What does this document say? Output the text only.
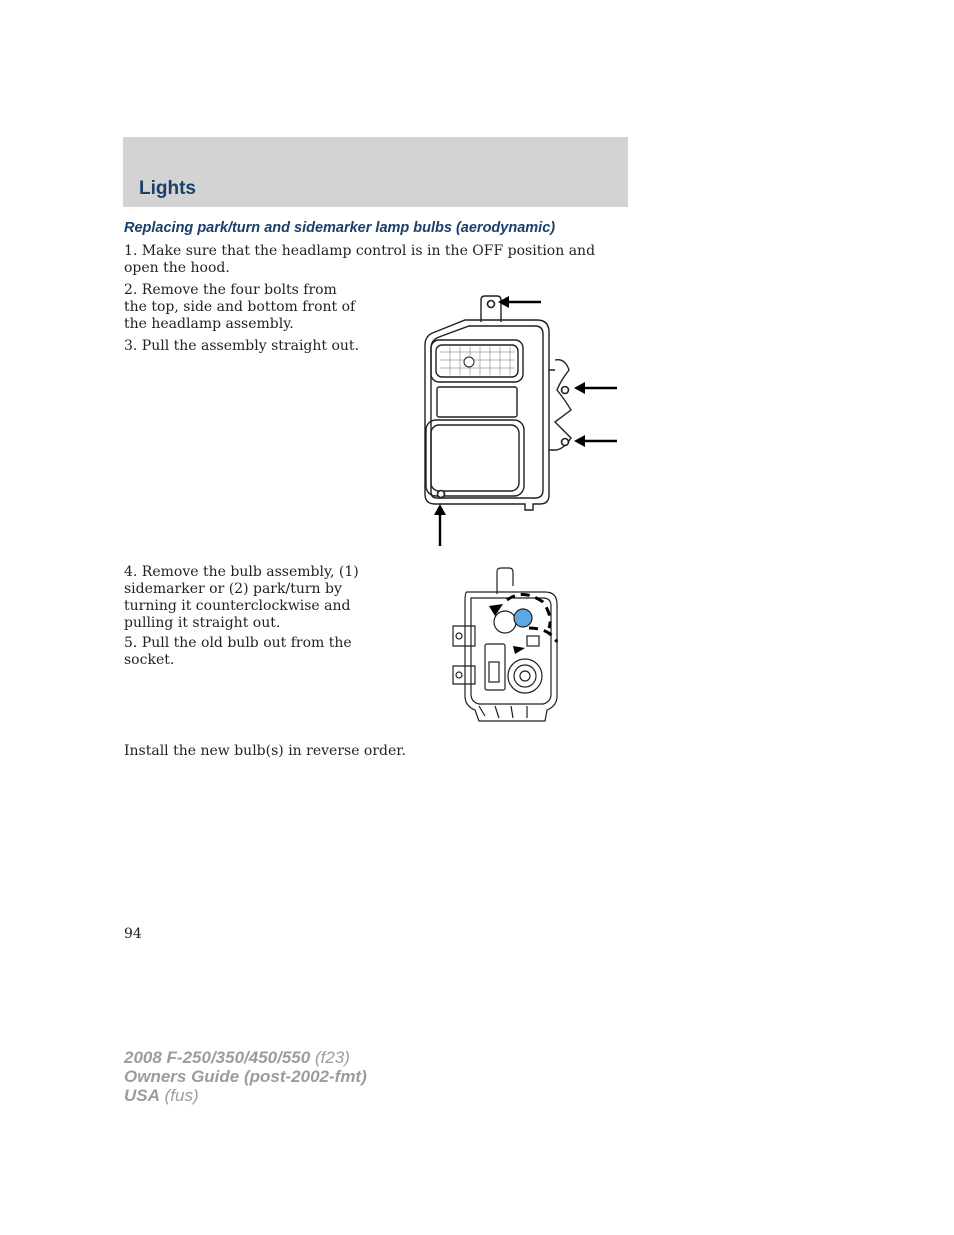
Lights
Replacing park/turn and sidemarker lamp bulbs (aerodynamic)

1. Make sure that the headlamp control is in the OFF position and open the hood.

2. Remove the four bolts from the top, side and bottom front of the headlamp assembly.

3. Pull the assembly straight out.

4. Remove the bulb assembly, (1) sidemarker or (2) park/turn by turning it counterclockwise and pulling it straight out.

5. Pull the old bulb out from the socket.

Install the new bulb(s) in reverse order.

94
2008 F-250/350/450/550 (f23)
Owners Guide (post-2002-fmt)
USA (fus)
